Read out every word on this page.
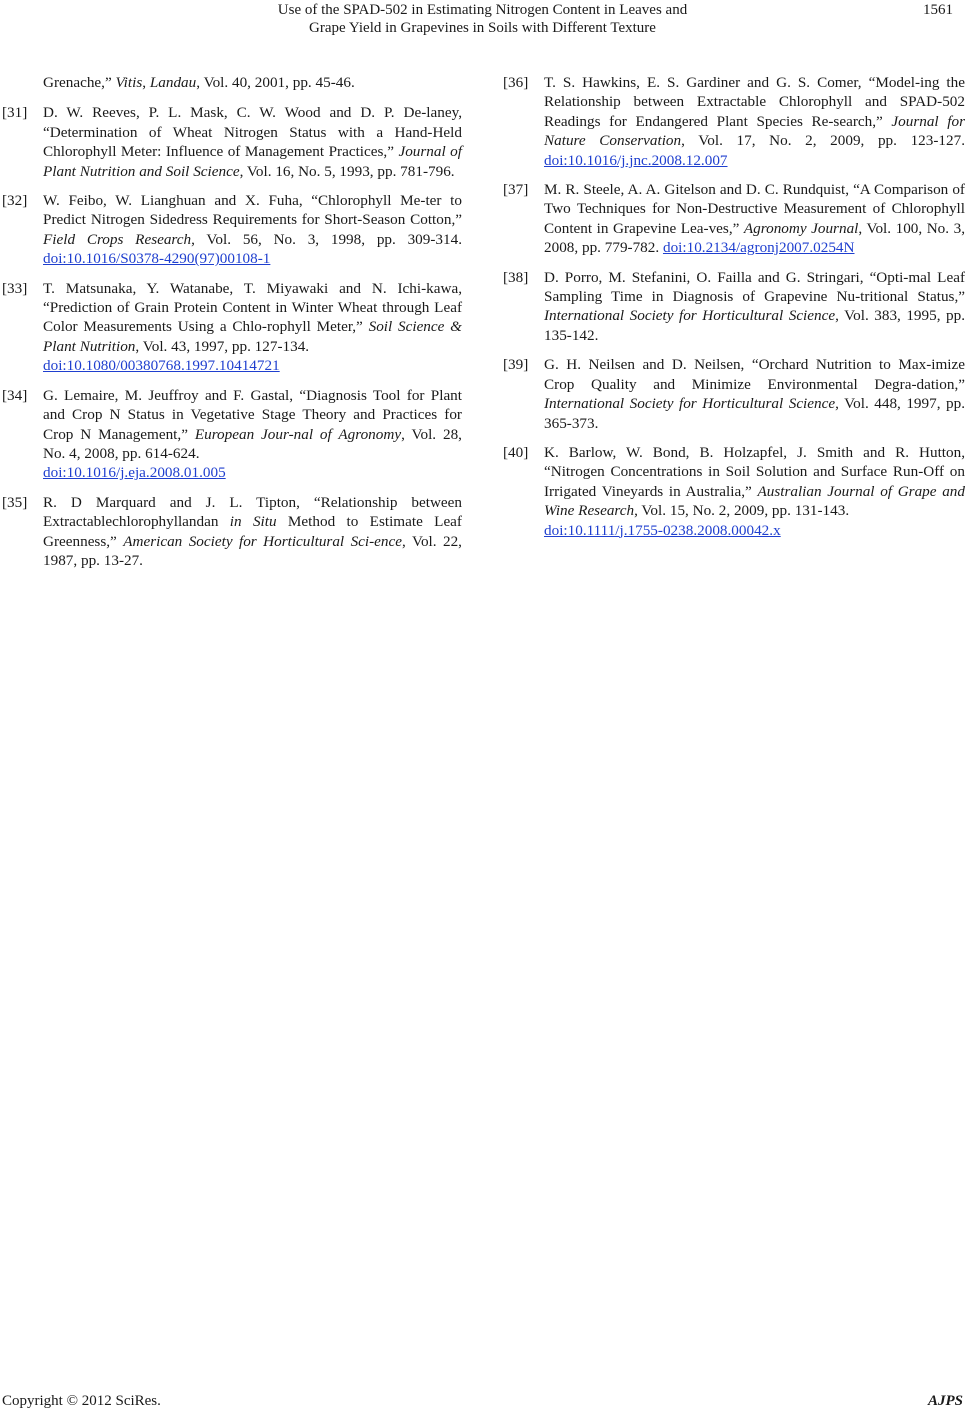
Use of the SPAD-502 in Estimating Nitrogen Content in Leaves and
Grape Yield in Grapevines in Soils with Different Texture
1561
Grenache,” Vitis, Landau, Vol. 40, 2001, pp. 45-46.
[31] D. W. Reeves, P. L. Mask, C. W. Wood and D. P. De-laney, “Determination of Wheat Nitrogen Status with a Hand-Held Chlorophyll Meter: Influence of Management Practices,” Journal of Plant Nutrition and Soil Science, Vol. 16, No. 5, 1993, pp. 781-796.
[32] W. Feibo, W. Lianghuan and X. Fuha, “Chlorophyll Me-ter to Predict Nitrogen Sidedress Requirements for Short-Season Cotton,” Field Crops Research, Vol. 56, No. 3, 1998, pp. 309-314. doi:10.1016/S0378-4290(97)00108-1
[33] T. Matsunaka, Y. Watanabe, T. Miyawaki and N. Ichi-kawa, “Prediction of Grain Protein Content in Winter Wheat through Leaf Color Measurements Using a Chlo-rophyll Meter,” Soil Science & Plant Nutrition, Vol. 43, 1997, pp. 127-134.
doi:10.1080/00380768.1997.10414721
[34] G. Lemaire, M. Jeuffroy and F. Gastal, “Diagnosis Tool for Plant and Crop N Status in Vegetative Stage Theory and Practices for Crop N Management,” European Jour-nal of Agronomy, Vol. 28, No. 4, 2008, pp. 614-624.
doi:10.1016/j.eja.2008.01.005
[35] R. D Marquard and J. L. Tipton, “Relationship between Extractablechlorophyllandan in Situ Method to Estimate Leaf Greenness,” American Society for Horticultural Sci-ence, Vol. 22, 1987, pp. 13-27.
[36] T. S. Hawkins, E. S. Gardiner and G. S. Comer, “Model-ing the Relationship between Extractable Chlorophyll and SPAD-502 Readings for Endangered Plant Species Re-search,” Journal for Nature Conservation, Vol. 17, No. 2, 2009, pp. 123-127. doi:10.1016/j.jnc.2008.12.007
[37] M. R. Steele, A. A. Gitelson and D. C. Rundquist, “A Comparison of Two Techniques for Non-Destructive Measurement of Chlorophyll Content in Grapevine Lea-ves,” Agronomy Journal, Vol. 100, No. 3, 2008, pp. 779-782. doi:10.2134/agronj2007.0254N
[38] D. Porro, M. Stefanini, O. Failla and G. Stringari, “Opti-mal Leaf Sampling Time in Diagnosis of Grapevine Nu-tritional Status,” International Society for Horticultural Science, Vol. 383, 1995, pp. 135-142.
[39] G. H. Neilsen and D. Neilsen, “Orchard Nutrition to Max-imize Crop Quality and Minimize Environmental Degra-dation,” International Society for Horticultural Science, Vol. 448, 1997, pp. 365-373.
[40] K. Barlow, W. Bond, B. Holzapfel, J. Smith and R. Hutton, “Nitrogen Concentrations in Soil Solution and Surface Run-Off on Irrigated Vineyards in Australia,” Australian Journal of Grape and Wine Research, Vol. 15, No. 2, 2009, pp. 131-143.
doi:10.1111/j.1755-0238.2008.00042.x
Copyright © 2012 SciRes.	AJPS
